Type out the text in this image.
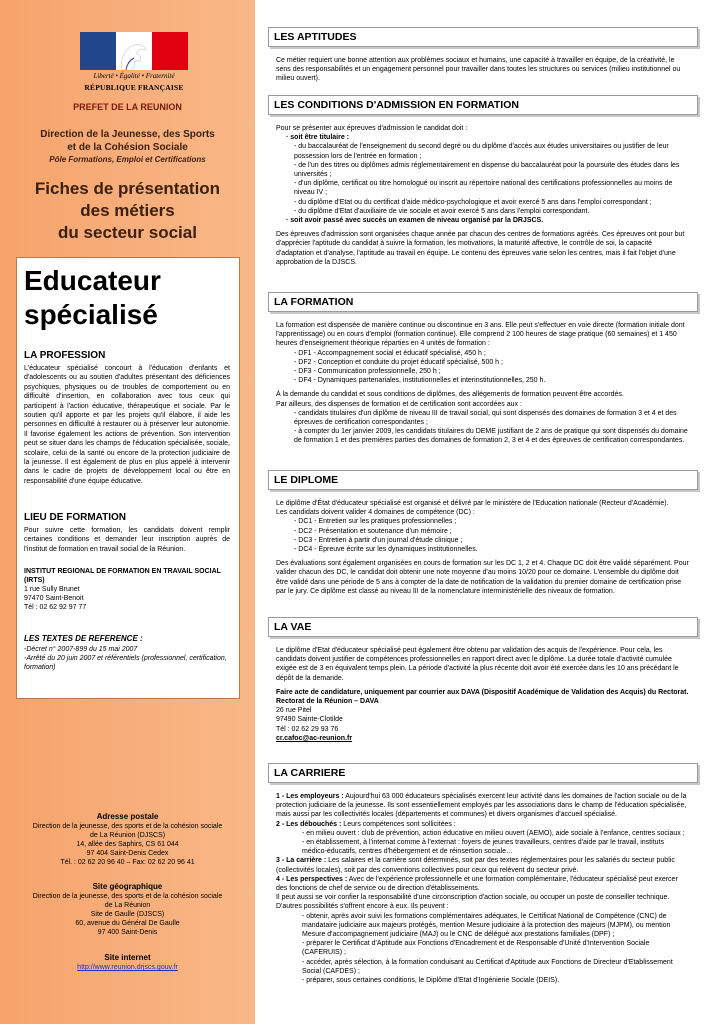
Liberté • Égalité • Fraternité
RÉPUBLIQUE FRANÇAISE
PREFET DE LA REUNION
Direction de la Jeunesse, des Sports
et de la Cohésion Sociale
Pôle Formations, Emploi et Certifications
Fiches de présentation
des métiers
du secteur social
Educateur
spécialisé
LA PROFESSION
L'éducateur spécialisé concourt à l'éducation d'enfants et d'adolescents ou au soutien d'adultes présentant des déficiences psychiques, physiques ou de troubles de comportement ou en difficulté d'insertion, en collaboration avec tous ceux qui participent à l'action éducative, thérapeutique et sociale. Par le soutien qu'il apporte et par les projets qu'il élabore, il aide les personnes en difficulté à restaurer ou à préserver leur autonomie. Il favorise également les actions de prévention. Son intervention peut se situer dans les champs de l'éducation spécialisée, sociale, scolaire, celui de la santé ou encore de la protection judiciaire de la jeunesse. Il est également de plus en plus appelé à intervenir dans le cadre de projets de développement local ou être en responsabilité d'une équipe éducative.
LIEU DE FORMATION
Pour suivre cette formation, les candidats doivent remplir certaines conditions et demander leur inscription auprès de l'institut de formation en travail social de la Réunion.
INSTITUT REGIONAL DE FORMATION EN TRAVAIL SOCIAL (IRTS)
1 rue Sully Brunet
97470 Saint-Benoit
Tél : 02 62 92 97 77
LES TEXTES DE REFERENCE :
-Décret n° 2007-899 du 15 mai 2007
-Arrêté du 20 juin 2007 et référentiels (professionnel, certification, formation)
Adresse postale
Direction de la jeunesse, des sports et de la cohésion sociale
de La Réunion (DJSCS)
14, allée des Saphirs, CS 61 044
97 404 Saint-Denis Cedex
Tél. : 02 62 20 96 40 – Fax: 02 62 20 96 41
Site géographique
Direction de la jeunesse, des sports et de la cohésion sociale
de La Réunion
Site de Gaulle (DJSCS)
60, avenue du Général De Gaulle
97 400 Saint-Denis
Site internet
http://www.reunion.drjscs.gouv.fr
LES APTITUDES

Ce métier requiert une bonne attention aux problèmes sociaux et humains, une capacité à travailler en équipe, de la créativité, le sens des responsabilités et un engagement personnel pour travailler dans toutes les structures ou services (milieu institutionnel ou milieu ouvert).

LES CONDITIONS D'ADMISSION EN FORMATION

Pour se présenter aux épreuves d'admission le candidat doit :

· soit être titulaire :

- du baccalauréat de l'enseignement du second degré ou du diplôme d'accès aux études universitaires ou justifier de leur possession lors de l'entrée en formation ;

- de l'un des titres ou diplômes admis réglementairement en dispense du baccalauréat pour la poursuite des études dans les universités ;

- d'un diplôme, certificat ou titre homologué ou inscrit au répertoire national des certifications professionnelles au moins de niveau IV ;

- du diplôme d'Etat ou du certificat d'aide médico-psychologique et avoir exercé 5 ans dans l'emploi correspondant ;

- du diplôme d'Etat d'auxiliaire de vie sociale et avoir exercé 5 ans dans l'emploi correspondant.

· soit avoir passé avec succès un examen de niveau organisé par la DRJSCS.

Des épreuves d'admission sont organisées chaque année par chacun des centres de formations agréés. Ces épreuves ont pour but d'apprécier l'aptitude du candidat à suivre la formation, les motivations, la maturité affective, le contrôle de soi, la capacité d'adaptation et d'analyse, l'aptitude au travail en équipe. Le contenu des épreuves varie selon les centres, mais il fait l'objet d'une approbation de la DJSCS.

LA FORMATION

La formation est dispensée de manière continue ou discontinue en 3 ans. Elle peut s'effectuer en voie directe (formation initiale dont l'apprentissage) ou en cours d'emploi (formation continue). Elle comprend 2 100 heures de stage pratique (60 semaines) et 1 450 heures d'enseignement théorique réparties en 4 unités de formation :

- DF1 - Accompagnement social et éducatif spécialisé, 450 h ;

- DF2 - Conception et conduite du projet éducatif spécialisé, 500 h ;

- DF3 - Communication professionnelle, 250 h ;

- DF4 - Dynamiques partenariales, institutionnelles et interinstitutionnelles, 250 h.

À la demande du candidat et sous conditions de diplômes, des allégements de formation peuvent être accordés.

Par ailleurs, des dispenses de formation et de certification sont accordées aux :

- candidats titulaires d'un diplôme de niveau III de travail social, qui sont dispensés des domaines de formation 3 et 4 et des épreuves de certification correspondantes ;

- à compter du 1er janvier 2009, les candidats titulaires du DEME justifiant de 2 ans de pratique qui sont dispensés du domaine de formation 1 et des premières parties des domaines de formation 2, 3 et 4 et des épreuves de certification correspondantes.

LE DIPLOME

Le diplôme d'État d'éducateur spécialisé est organisé et délivré par le ministère de l'Education nationale (Recteur d'Académie).

Les candidats doivent valider 4 domaines de compétence (DC) :

- DC1 - Entretien sur les pratiques professionnelles ;

- DC2 - Présentation et soutenance d'un mémoire ;

- DC3 - Entretien à partir d'un journal d'étude clinique ;

- DC4 - Épreuve écrite sur les dynamiques institutionnelles.

Des évaluations sont également organisées en cours de formation sur les DC 1, 2 et 4. Chaque DC doit être validé séparément. Pour valider chacun des DC, le candidat doit obtenir une note moyenne d'au moins 10/20 pour ce domaine. L'ensemble du diplôme doit être validé dans une période de 5 ans à compter de la date de notification de la validation du premier domaine de certification prise par le jury. Ce diplôme est classé au niveau III de la nomenclature interministérielle des niveaux de formation.

LA VAE

Le diplôme d'Etat d'éducateur spécialisé peut également être obtenu par validation des acquis de l'expérience. Pour cela, les candidats doivent justifier de compétences professionnelles en rapport direct avec le diplôme. La durée totale d'activité cumulée exigée est de 3 en équivalent temps plein. La période d'activité la plus récente doit avoir été exercée dans les 10 ans précédant le dépôt de la demande.

Faire acte de candidature, uniquement par courrier aux DAVA (Dispositif Académique de Validation des Acquis) du Rectorat.

Rectorat de la Réunion – DAVA

26 rue Pitel

97490 Sainte-Clotilde

Tél : 02 62 29 93 76

cr.cafoc@ac-reunion.fr

LA CARRIERE

1 - Les employeurs : Aujourd'hui 63 000 éducateurs spécialisés exercent leur activité dans les domaines de l'action sociale ou de la protection judiciaire de la jeunesse. Ils sont essentiellement employés par les associations dans le champ de l'éducation spécialisée, mais aussi par les collectivités locales (départements et communes) et divers organismes d'accueil spécialisé.

2 - Les débouchés : Leurs compétences sont sollicitées :

- en milieu ouvert : club de prévention, action éducative en milieu ouvert (AEMO), aide sociale à l'enfance, centres sociaux ;

- en établissement, à l'internat comme à l'externat : foyers de jeunes travailleurs, centres d'aide par le travail, instituts médico-éducatifs, centres d'hébergement et de réinsertion sociale…

3 - La carrière : Les salaires et la carrière sont déterminés, soit par des textes réglementaires pour les salariés du secteur public (collectivités locales), soit par des conventions collectives pour ceux qui relèvent du secteur privé.

4 - Les perspectives : Avec de l'expérience professionnelle et une formation complémentaire, l'éducateur spécialisé peut exercer des fonctions de chef de service ou de direction d'établissements.

Il peut aussi se voir confier la responsabilité d'une circonscription d'action sociale, ou occuper un poste de conseiller technique.

D'autres possibilités s'offrent encore à eux. Ils peuvent :

- obtenir, après avoir suivi les formations complémentaires adéquates, le Certificat National de Compétence (CNC) de mandataire judiciaire aux majeurs protégés, mention Mesure judiciaire à la protection des majeurs (MJPM), ou mention Mesure d'accompagnement judiciaire (MAJ) ou le CNC de délégué aux prestations familiales (DPF) ;

- préparer le Certificat d'Aptitude aux Fonctions d'Encadrement et de Responsable d'Unité d'Intervention Sociale (CAFERUIS) ;

- accéder, après sélection, à la formation conduisant au Certificat d'Aptitude aux Fonctions de Directeur d'Etablissement Social (CAFDES) ;

- préparer, sous certaines conditions, le Diplôme d'Etat d'Ingénierie Sociale (DEIS).
